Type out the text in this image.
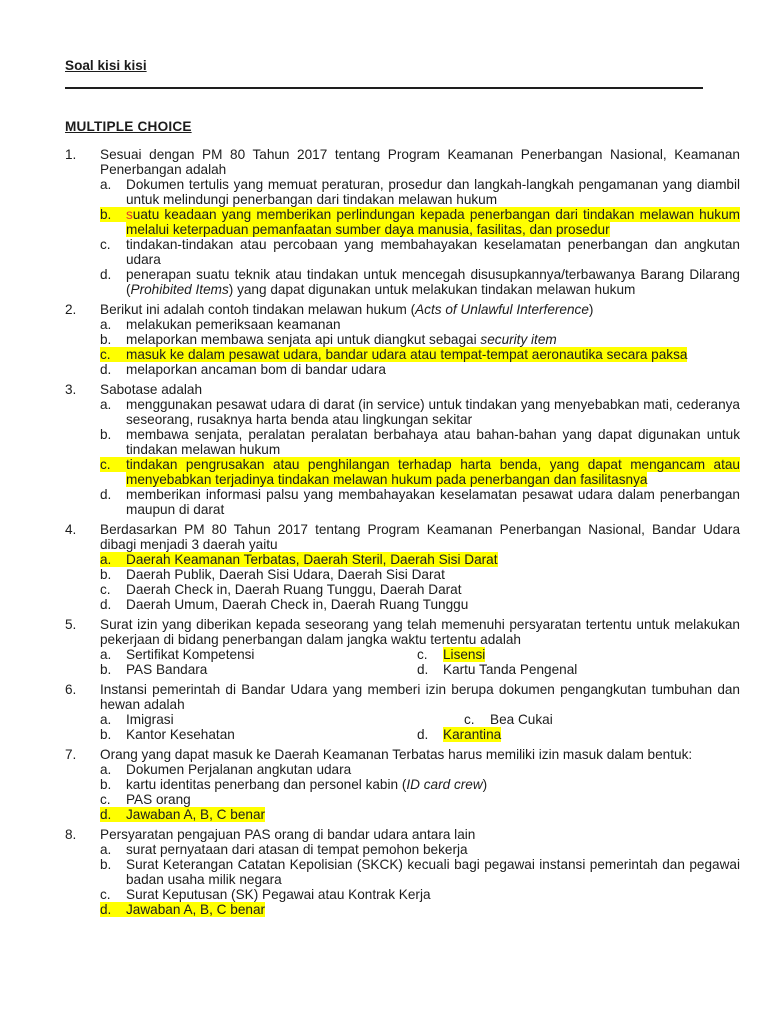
Soal kisi kisi
MULTIPLE CHOICE
1.	Sesuai dengan PM 80 Tahun 2017 tentang Program Keamanan Penerbangan Nasional, Keamanan Penerbangan adalah
a. Dokumen tertulis yang memuat peraturan, prosedur dan langkah-langkah pengamanan yang diambil untuk melindungi penerbangan dari tindakan melawan hukum
b. suatu keadaan yang memberikan perlindungan kepada penerbangan dari tindakan melawan hukum melalui keterpaduan pemanfaatan sumber daya manusia, fasilitas, dan prosedur
c. tindakan-tindakan atau percobaan yang membahayakan keselamatan penerbangan dan angkutan udara
d. penerapan suatu teknik atau tindakan untuk mencegah disusupkannya/terbawanya Barang Dilarang (Prohibited Items) yang dapat digunakan untuk melakukan tindakan melawan hukum
2.	Berikut ini adalah contoh tindakan melawan hukum (Acts of Unlawful Interference)
a. melakukan pemeriksaan keamanan
b. melaporkan membawa senjata api untuk diangkut sebagai security item
c. masuk ke dalam pesawat udara, bandar udara atau tempat-tempat aeronautika secara paksa
d. melaporkan ancaman bom di bandar udara
3.	Sabotase adalah
a. menggunakan pesawat udara di darat (in service) untuk tindakan yang menyebabkan mati, cederanya seseorang, rusaknya harta benda atau lingkungan sekitar
b. membawa senjata, peralatan peralatan berbahaya atau bahan-bahan yang dapat digunakan untuk tindakan melawan hukum
c. tindakan pengrusakan atau penghilangan terhadap harta benda, yang dapat mengancam atau menyebabkan terjadinya tindakan melawan hukum pada penerbangan dan fasilitasnya
d. memberikan informasi palsu yang membahayakan keselamatan pesawat udara dalam penerbangan maupun di darat
4.	Berdasarkan PM 80 Tahun 2017 tentang Program Keamanan Penerbangan Nasional, Bandar Udara dibagi menjadi 3 daerah yaitu
a. Daerah Keamanan Terbatas, Daerah Steril, Daerah Sisi Darat
b. Daerah Publik, Daerah Sisi Udara, Daerah Sisi Darat
c. Daerah Check in, Daerah Ruang Tunggu, Daerah Darat
d. Daerah Umum, Daerah Check in, Daerah Ruang Tunggu
5.	Surat izin yang diberikan kepada seseorang yang telah memenuhi persyaratan tertentu untuk melakukan pekerjaan di bidang penerbangan dalam jangka waktu tertentu adalah
a. Sertifikat Kompetensi	c. Lisensi
b. PAS Bandara	d. Kartu Tanda Pengenal
6.	Instansi pemerintah di Bandar Udara yang memberi izin berupa dokumen pengangkutan tumbuhan dan hewan adalah
a. Imigrasi	c. Bea Cukai
b. Kantor Kesehatan	d. Karantina
7.	Orang yang dapat masuk ke Daerah Keamanan Terbatas harus memiliki izin masuk dalam bentuk:
a. Dokumen Perjalanan angkutan udara
b. kartu identitas penerbang dan personel kabin (ID card crew)
c. PAS orang
d. Jawaban A, B, C benar
8.	Persyaratan pengajuan PAS orang di bandar udara antara lain
a. surat pernyataan dari atasan di tempat pemohon bekerja
b. Surat Keterangan Catatan Kepolisian (SKCK) kecuali bagi pegawai instansi pemerintah dan pegawai badan usaha milik negara
c. Surat Keputusan (SK) Pegawai atau Kontrak Kerja
d. Jawaban A, B, C benar
